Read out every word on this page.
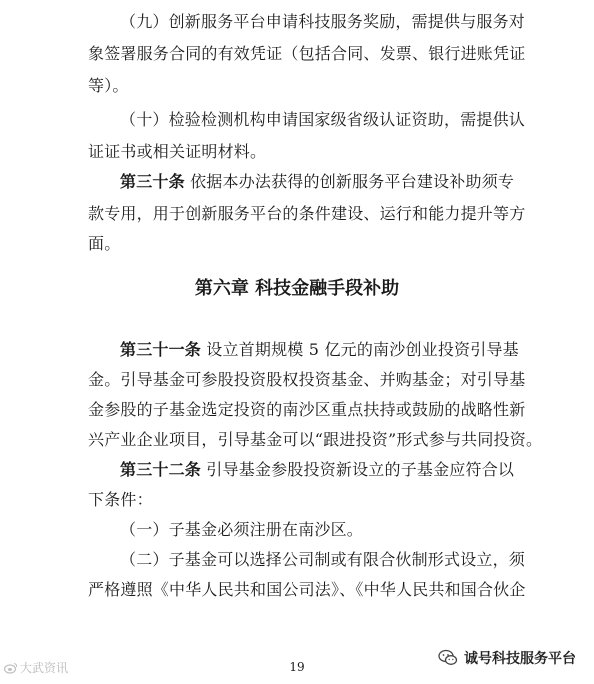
（九）创新服务平台申请科技服务奖励，需提供与服务对
象签署服务合同的有效凭证（包括合同、发票、银行进账凭证
等）。
（十）检验检测机构申请国家级省级认证资助，需提供认
证证书或相关证明材料。
第三十条 依据本办法获得的创新服务平台建设补助须专
款专用，用于创新服务平台的条件建设、运行和能力提升等方
面。
第六章 科技金融手段补助
第三十一条 设立首期规模 5 亿元的南沙创业投资引导基
金。引导基金可参股投资股权投资基金、并购基金；对引导基
金参股的子基金选定投资的南沙区重点扶持或鼓励的战略性新
兴产业企业项目，引导基金可以“跟进投资”形式参与共同投资。
第三十二条 引导基金参股投资新设立的子基金应符合以
下条件：
（一）子基金必须注册在南沙区。
（二）子基金可以选择公司制或有限合伙制形式设立，须
严格遵照《中华人民共和国公司法》、《中华人民共和国合伙企
19
大武资讯
诚号科技服务平台
